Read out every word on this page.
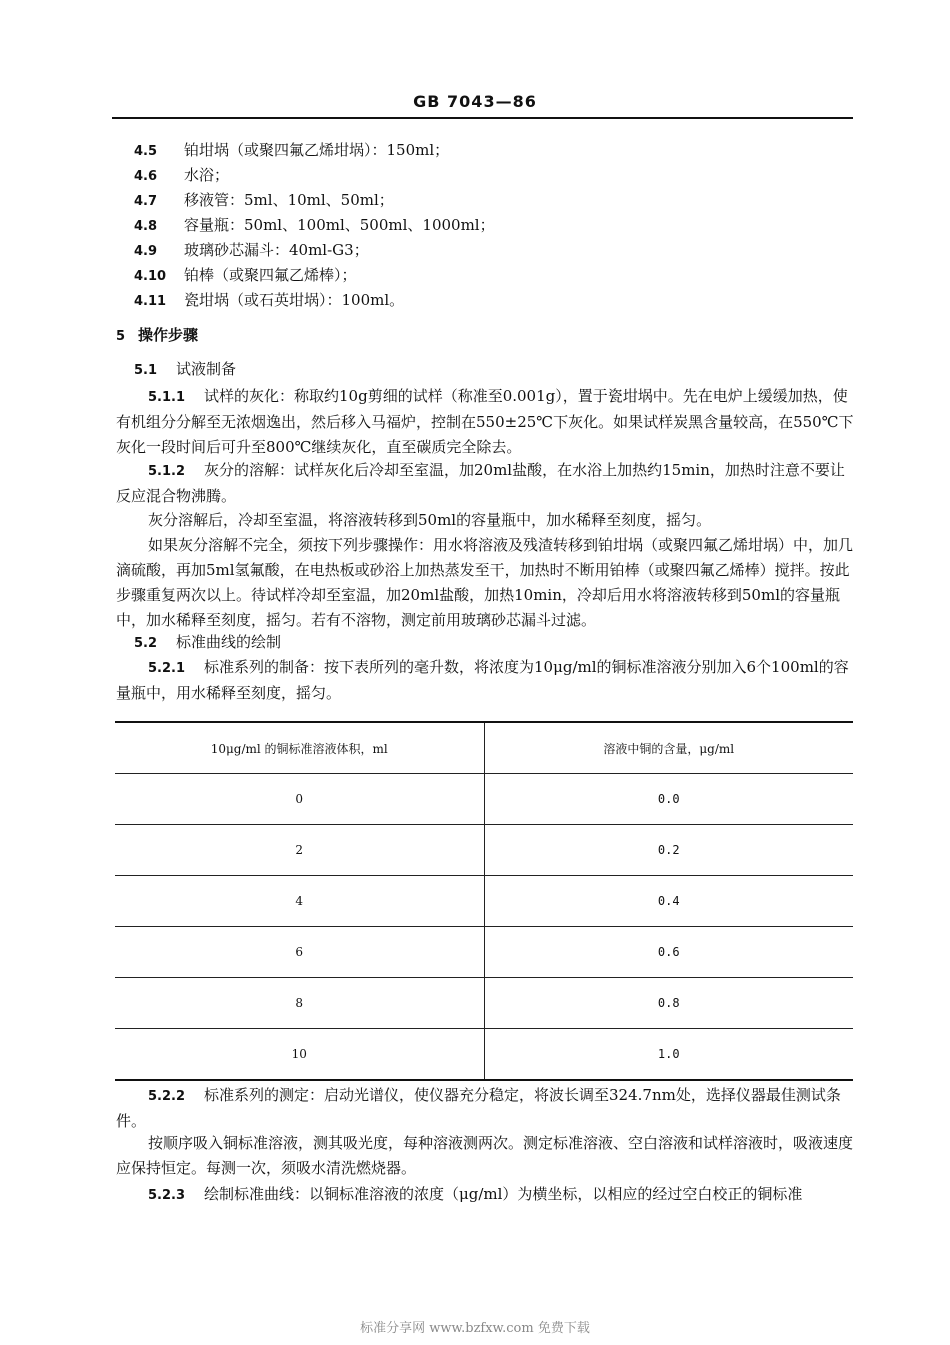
GB 7043—86
4.5 铂坩埚（或聚四氟乙烯坩埚）：150ml；
4.6 水浴；
4.7 移液管：5ml、10ml、50ml；
4.8 容量瓶：50ml、100ml、500ml、1000ml；
4.9 玻璃砂芯漏斗：40ml-G3；
4.10 铂棒（或聚四氟乙烯棒）；
4.11 瓷坩埚（或石英坩埚）：100ml。
5 操作步骤
5.1 试液制备
5.1.1 试样的灰化：称取约10g剪细的试样（称准至0.001g），置于瓷坩埚中。先在电炉上缓缓加热，使有机组分分解至无浓烟逸出，然后移入马福炉，控制在550±25℃下灰化。如果试样炭黑含量较高，在550℃下灰化一段时间后可升至800℃继续灰化，直至碳质完全除去。
5.1.2 灰分的溶解：试样灰化后冷却至室温，加20ml盐酸，在水浴上加热约15min，加热时注意不要让反应混合物沸腾。
灰分溶解后，冷却至室温，将溶液转移到50ml的容量瓶中，加水稀释至刻度，摇匀。
如果灰分溶解不完全，须按下列步骤操作：用水将溶液及残渣转移到铂坩埚（或聚四氟乙烯坩埚）中，加几滴硫酸，再加5ml氢氟酸，在电热板或砂浴上加热蒸发至干，加热时不断用铂棒（或聚四氟乙烯棒）搅拌。按此步骤重复两次以上。待试样冷却至室温，加20ml盐酸，加热10min，冷却后用水将溶液转移到50ml的容量瓶中，加水稀释至刻度，摇匀。若有不溶物，测定前用玻璃砂芯漏斗过滤。
5.2 标准曲线的绘制
5.2.1 标准系列的制备：按下表所列的毫升数，将浓度为10μg/ml的铜标准溶液分别加入6个100ml的容量瓶中，用水稀释至刻度，摇匀。
10μg/ml 的铜标准溶液体积，ml	溶液中铜的含量，μg/ml
0	0.0
2	0.2
4	0.4
6	0.6
8	0.8
10	1.0
5.2.2 标准系列的测定：启动光谱仪，使仪器充分稳定，将波长调至324.7nm处，选择仪器最佳测试条件。
按顺序吸入铜标准溶液，测其吸光度，每种溶液测两次。测定标准溶液、空白溶液和试样溶液时，吸液速度应保持恒定。每测一次，须吸水清洗燃烧器。
5.2.3 绘制标准曲线：以铜标准溶液的浓度（μg/ml）为横坐标，以相应的经过空白校正的铜标准
标准分享网 www.bzfxw.com 免费下载
